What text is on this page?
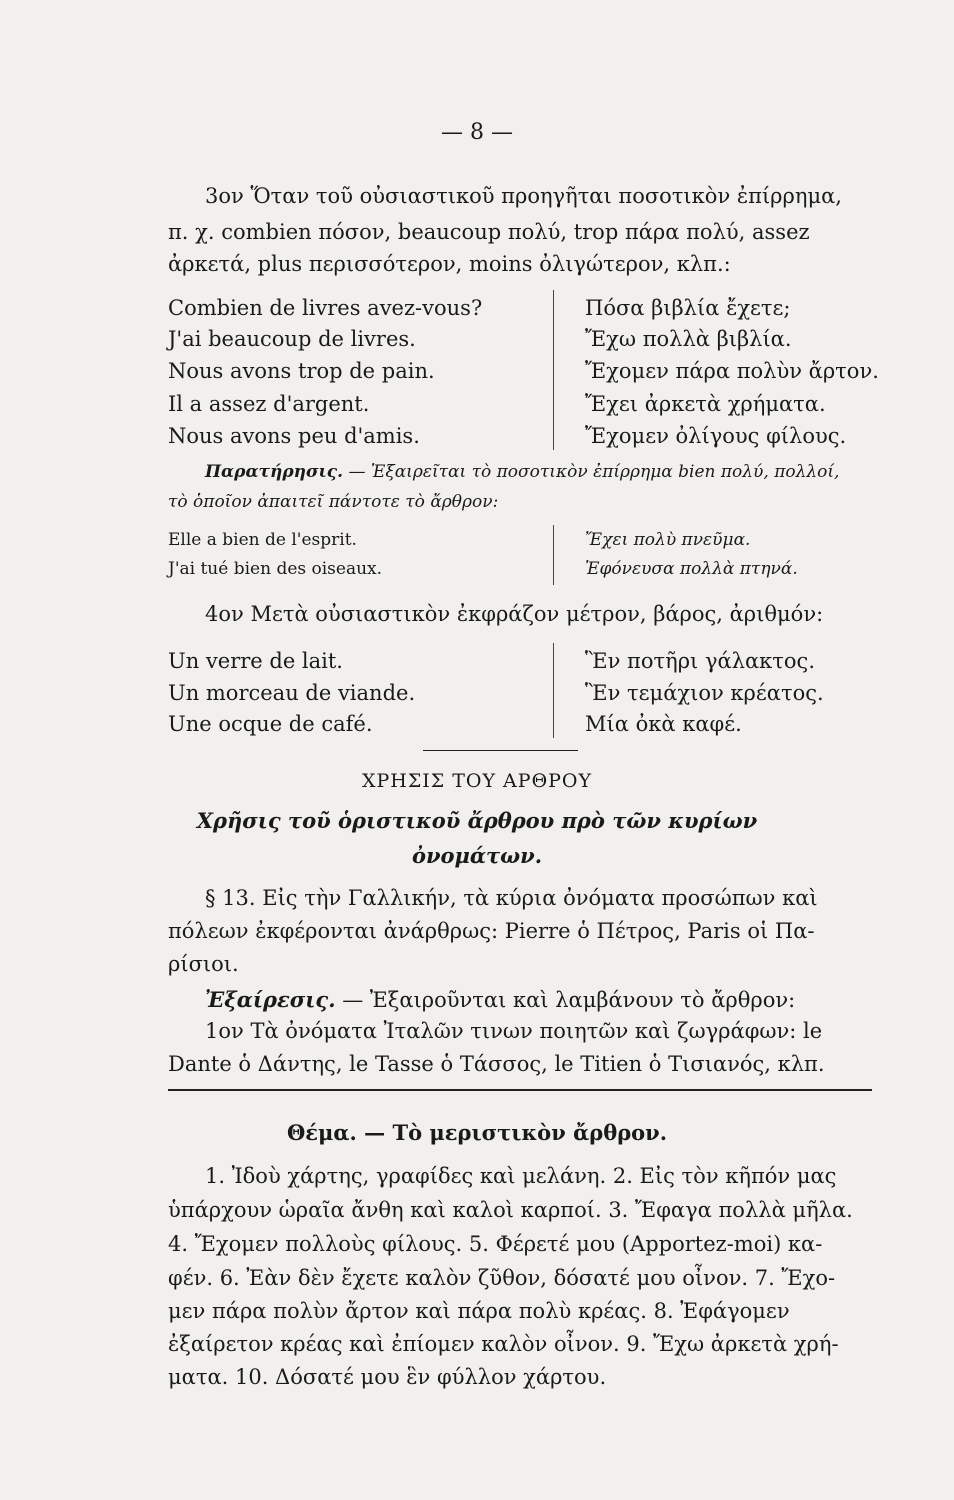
— 8 —
3ον Ὅταν τοῦ οὐσιαστικοῦ προηγῆται ποσοτικὸν ἐπίρρημα,
π. χ. combien πόσον, beaucoup πολύ, trop πάρα πολύ, assez
ἀρκετά, plus περισσότερον, moins ὀλιγώτερον, κλπ.:
Combien de livres avez-vous?	Πόσα βιβλία ἔχετε;
J'ai beaucoup de livres.	Ἔχω πολλὰ βιβλία.
Nous avons trop de pain.	Ἔχομεν πάρα πολὺν ἄρτον.
Il a assez d'argent.	Ἔχει ἀρκετὰ χρήματα.
Nous avons peu d'amis.	Ἔχομεν ὀλίγους φίλους.
Παρατήρησις. — Ἐξαιρεῖται τὸ ποσοτικὸν ἐπίρρημα bien πολύ, πολλοί,
τὸ ὁποῖον ἀπαιτεῖ πάντοτε τὸ ἄρθρον:
Elle a bien de l'esprit.	Ἔχει πολὺ πνεῦμα.
J'ai tué bien des oiseaux.	Ἐφόνευσα πολλὰ πτηνά.
4ον Μετὰ οὐσιαστικὸν ἐκφράζον μέτρον, βάρος, ἀριθμόν:
Un verre de lait.	Ἓν ποτῆρι γάλακτος.
Un morceau de viande.	Ἓν τεμάχιον κρέατος.
Une ocque de café.	Μία ὀκὰ καφέ.
ΧΡΗΣΙΣ ΤΟΥ ΑΡΘΡΟΥ
Χρῆσις τοῦ ὁριστικοῦ ἄρθρου πρὸ τῶν κυρίων
ὀνομάτων.
§ 13. Εἰς τὴν Γαλλικήν, τὰ κύρια ὀνόματα προσώπων καὶ
πόλεων ἐκφέρονται ἀνάρθρως: Pierre ὁ Πέτρος, Paris οἱ Πα-
ρίσιοι.
Ἐξαίρεσις. — Ἐξαιροῦνται καὶ λαμβάνουν τὸ ἄρθρον:
1ον Τὰ ὀνόματα Ἰταλῶν τινων ποιητῶν καὶ ζωγράφων: le
Dante ὁ Δάντης, le Tasse ὁ Τάσσος, le Titien ὁ Τισιανός, κλπ.
Θέμα. — Τὸ μεριστικὸν ἄρθρον.
1. Ἰδοὺ χάρτης, γραφίδες καὶ μελάνη. 2. Εἰς τὸν κῆπόν μας
ὑπάρχουν ὡραῖα ἄνθη καὶ καλοὶ καρποί. 3. Ἔφαγα πολλὰ μῆλα.
4. Ἔχομεν πολλοὺς φίλους. 5. Φέρετέ μου (Apportez-moi) κα-
φέν. 6. Ἐὰν δὲν ἔχετε καλὸν ζῦθον, δόσατέ μου οἶνον. 7. Ἔχο-
μεν πάρα πολὺν ἄρτον καὶ πάρα πολὺ κρέας. 8. Ἐφάγομεν
ἐξαίρετον κρέας καὶ ἐπίομεν καλὸν οἶνον. 9. Ἔχω ἀρκετὰ χρή-
ματα. 10. Δόσατέ μου ἓν φύλλον χάρτου.
